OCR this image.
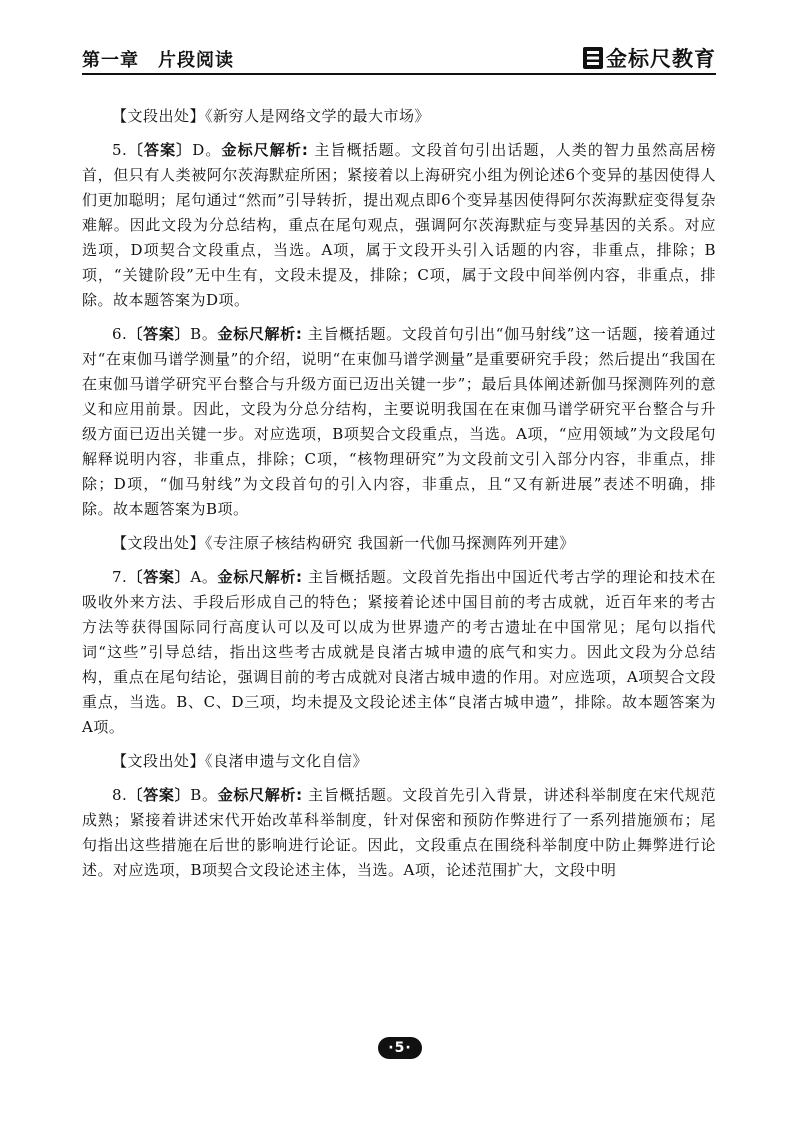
第一章　片段阅读	金标尺教育

【文段出处】《新穷人是网络文学的最大市场》

5.〔答案〕D。金标尺解析: 主旨概括题。文段首句引出话题，人类的智力虽然高居榜首，但只有人类被阿尔茨海默症所困；紧接着以上海研究小组为例论述6个变异的基因使得人们更加聪明；尾句通过“然而”引导转折，提出观点即6个变异基因使得阿尔茨海默症变得复杂难解。因此文段为分总结构，重点在尾句观点，强调阿尔茨海默症与变异基因的关系。对应选项，D项契合文段重点，当选。A项，属于文段开头引入话题的内容，非重点，排除；B项，“关键阶段”无中生有，文段未提及，排除；C项，属于文段中间举例内容，非重点，排除。故本题答案为D项。

6.〔答案〕B。金标尺解析: 主旨概括题。文段首句引出“伽马射线”这一话题，接着通过对“在束伽马谱学测量”的介绍，说明“在束伽马谱学测量”是重要研究手段；然后提出“我国在在束伽马谱学研究平台整合与升级方面已迈出关键一步”；最后具体阐述新伽马探测阵列的意义和应用前景。因此，文段为分总分结构，主要说明我国在在束伽马谱学研究平台整合与升级方面已迈出关键一步。对应选项，B项契合文段重点，当选。A项，“应用领域”为文段尾句解释说明内容，非重点，排除；C项，“核物理研究”为文段前文引入部分内容，非重点，排除；D项，“伽马射线”为文段首句的引入内容，非重点，且“又有新进展”表述不明确，排除。故本题答案为B项。

【文段出处】《专注原子核结构研究 我国新一代伽马探测阵列开建》

7.〔答案〕A。金标尺解析: 主旨概括题。文段首先指出中国近代考古学的理论和技术在吸收外来方法、手段后形成自己的特色；紧接着论述中国目前的考古成就，近百年来的考古方法等获得国际同行高度认可以及可以成为世界遗产的考古遗址在中国常见；尾句以指代词“这些”引导总结，指出这些考古成就是良渚古城申遗的底气和实力。因此文段为分总结构，重点在尾句结论，强调目前的考古成就对良渚古城申遗的作用。对应选项，A项契合文段重点，当选。B、C、D三项，均未提及文段论述主体“良渚古城申遗”，排除。故本题答案为A项。

【文段出处】《良渚申遗与文化自信》

8.〔答案〕B。金标尺解析: 主旨概括题。文段首先引入背景，讲述科举制度在宋代规范成熟；紧接着讲述宋代开始改革科举制度，针对保密和预防作弊进行了一系列措施颁布；尾句指出这些措施在后世的影响进行论证。因此，文段重点在围绕科举制度中防止舞弊进行论述。对应选项，B项契合文段论述主体，当选。A项，论述范围扩大，文段中明

·5·
